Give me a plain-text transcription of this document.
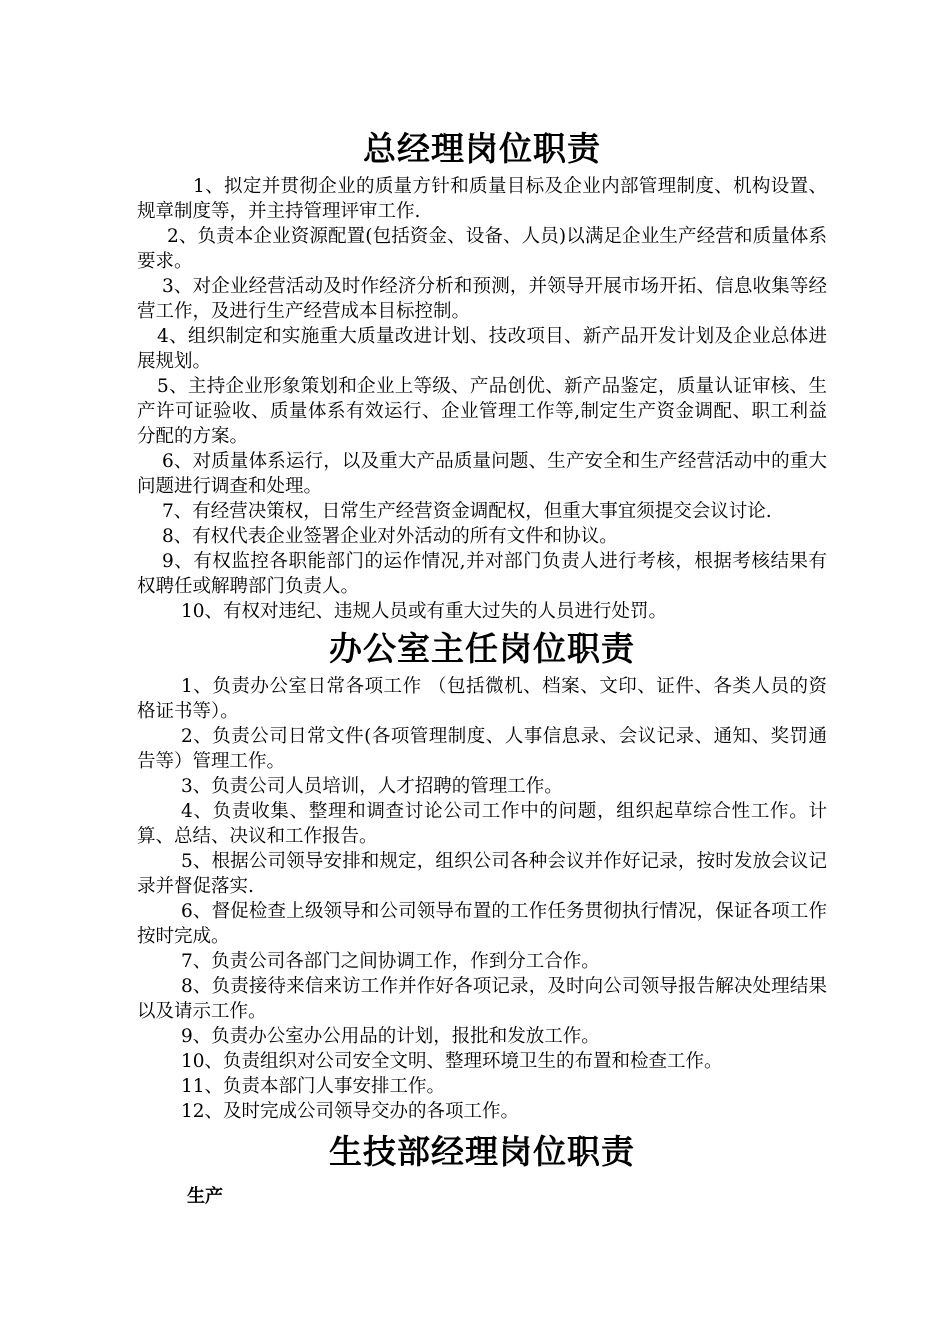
总经理岗位职责

1、拟定并贯彻企业的质量方针和质量目标及企业内部管理制度、机构设置、规章制度等，并主持管理评审工作.

2、负责本企业资源配置(包括资金、设备、人员)以满足企业生产经营和质量体系要求。

3、对企业经营活动及时作经济分析和预测，并领导开展市场开拓、信息收集等经营工作，及进行生产经营成本目标控制。

4、组织制定和实施重大质量改进计划、技改项目、新产品开发计划及企业总体进展规划。

5、主持企业形象策划和企业上等级、产品创优、新产品鉴定，质量认证审核、生产许可证验收、质量体系有效运行、企业管理工作等,制定生产资金调配、职工利益分配的方案。

6、对质量体系运行，以及重大产品质量问题、生产安全和生产经营活动中的重大问题进行调查和处理。

7、有经营决策权，日常生产经营资金调配权，但重大事宜须提交会议讨论.

8、有权代表企业签署企业对外活动的所有文件和协议。

9、有权监控各职能部门的运作情况,并对部门负责人进行考核，根据考核结果有权聘任或解聘部门负责人。

10、有权对违纪、违规人员或有重大过失的人员进行处罚。

办公室主任岗位职责

1、负责办公室日常各项工作 （包括微机、档案、文印、证件、各类人员的资格证书等）。

2、负责公司日常文件(各项管理制度、人事信息录、会议记录、通知、奖罚通告等）管理工作。

3、负责公司人员培训，人才招聘的管理工作。

4、负责收集、整理和调查讨论公司工作中的问题，组织起草综合性工作。计算、总结、决议和工作报告。

5、根据公司领导安排和规定，组织公司各种会议并作好记录，按时发放会议记录并督促落实.

6、督促检查上级领导和公司领导布置的工作任务贯彻执行情况，保证各项工作按时完成。

7、负责公司各部门之间协调工作，作到分工合作。

8、负责接待来信来访工作并作好各项记录，及时向公司领导报告解决处理结果以及请示工作。

9、负责办公室办公用品的计划，报批和发放工作。

10、负责组织对公司安全文明、整理环境卫生的布置和检查工作。

11、负责本部门人事安排工作。

12、及时完成公司领导交办的各项工作。

生技部经理岗位职责

生产
